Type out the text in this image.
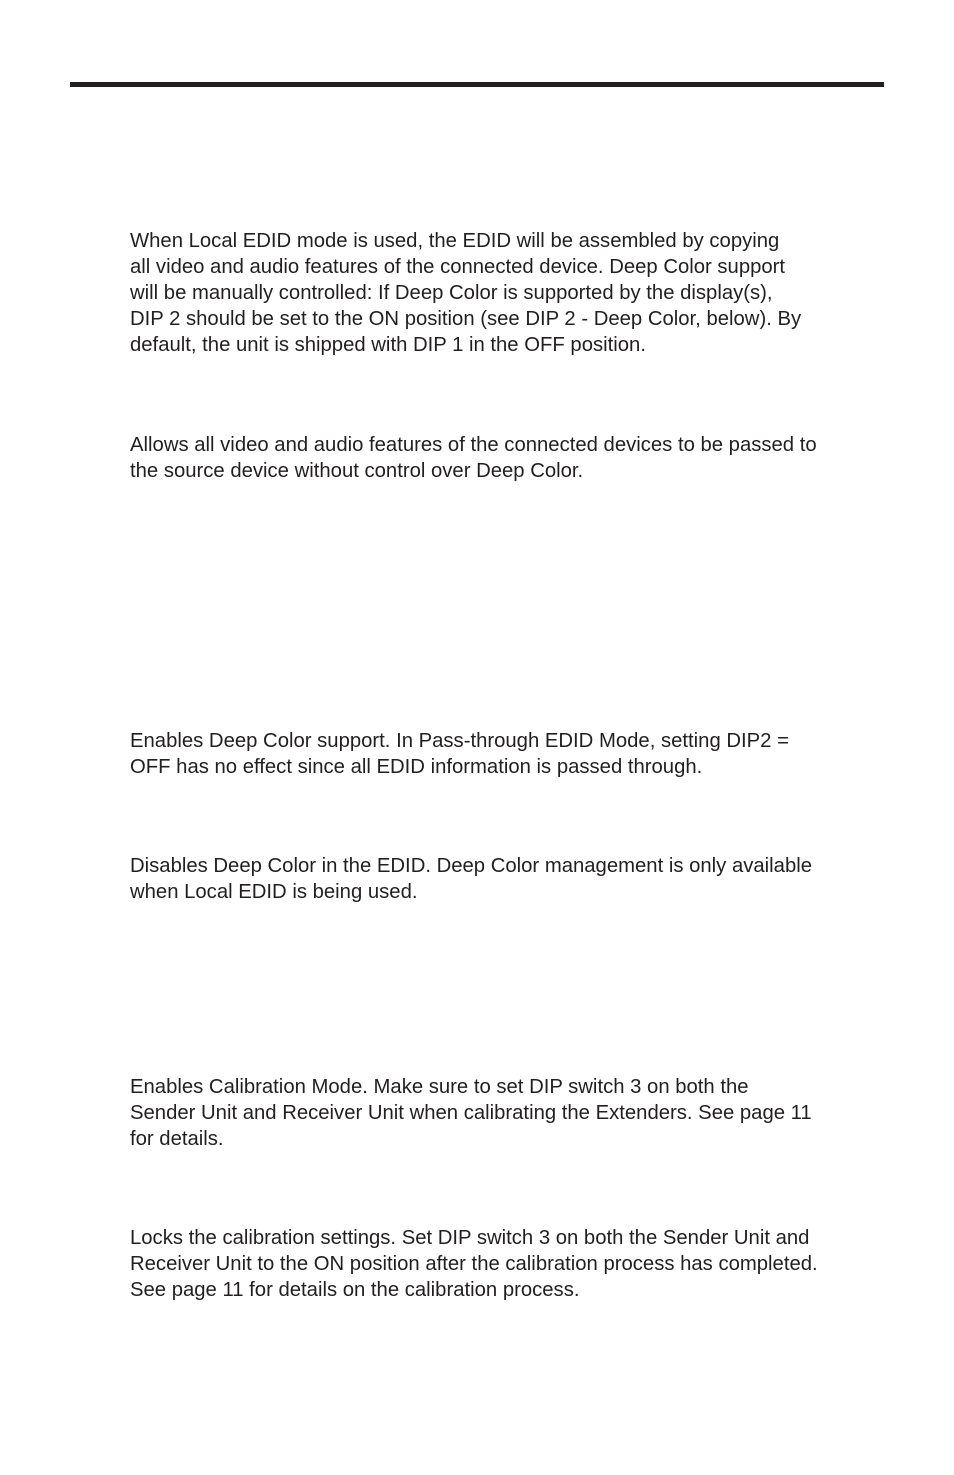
When Local EDID mode is used, the EDID will be assembled by copying
all video and audio features of the connected device. Deep Color support
will be manually controlled: If Deep Color is supported by the display(s),
DIP 2 should be set to the ON position (see DIP 2 - Deep Color, below). By
default, the unit is shipped with DIP 1 in the OFF position.

Allows all video and audio features of the connected devices to be passed to
the source device without control over Deep Color.

Enables Deep Color support. In Pass-through EDID Mode, setting DIP2 =
OFF has no effect since all EDID information is passed through.

Disables Deep Color in the EDID. Deep Color management is only available
when Local EDID is being used.

Enables Calibration Mode. Make sure to set DIP switch 3 on both the
Sender Unit and Receiver Unit when calibrating the Extenders. See page 11
for details.

Locks the calibration settings. Set DIP switch 3 on both the Sender Unit and
Receiver Unit to the ON position after the calibration process has completed.
See page 11 for details on the calibration process.
